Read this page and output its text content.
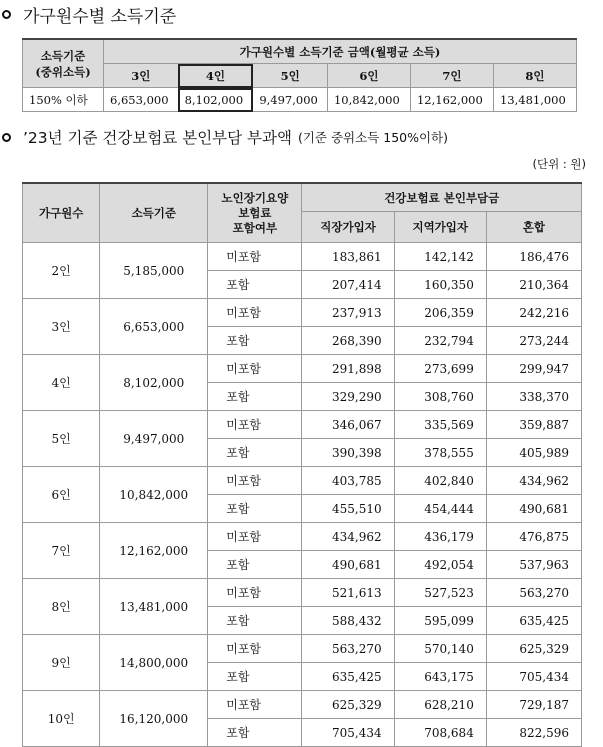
가구원수별 소득기준
소득기준
(중위소득)	가구원수별 소득기준 금액(월평균 소득)					
	3인	4인	5인	6인	7인	8인
150% 이하	6,653,000	8,102,000	9,497,000	10,842,000	12,162,000	13,481,000
’23년 기준 건강보험료 본인부담 부과액 (기준 중위소득 150%이하)
(단위 : 원)
가구원수	소득기준	노인장기요양
보험료
포함여부	건강보험료 본인부담금		
			직장가입자	지역가입자	혼합
2인	5,185,000	미포함	183,861	142,142	186,476
		포함	207,414	160,350	210,364
3인	6,653,000	미포함	237,913	206,359	242,216
		포함	268,390	232,794	273,244
4인	8,102,000	미포함	291,898	273,699	299,947
		포함	329,290	308,760	338,370
5인	9,497,000	미포함	346,067	335,569	359,887
		포함	390,398	378,555	405,989
6인	10,842,000	미포함	403,785	402,840	434,962
		포함	455,510	454,444	490,681
7인	12,162,000	미포함	434,962	436,179	476,875
		포함	490,681	492,054	537,963
8인	13,481,000	미포함	521,613	527,523	563,270
		포함	588,432	595,099	635,425
9인	14,800,000	미포함	563,270	570,140	625,329
		포함	635,425	643,175	705,434
10인	16,120,000	미포함	625,329	628,210	729,187
		포함	705,434	708,684	822,596
